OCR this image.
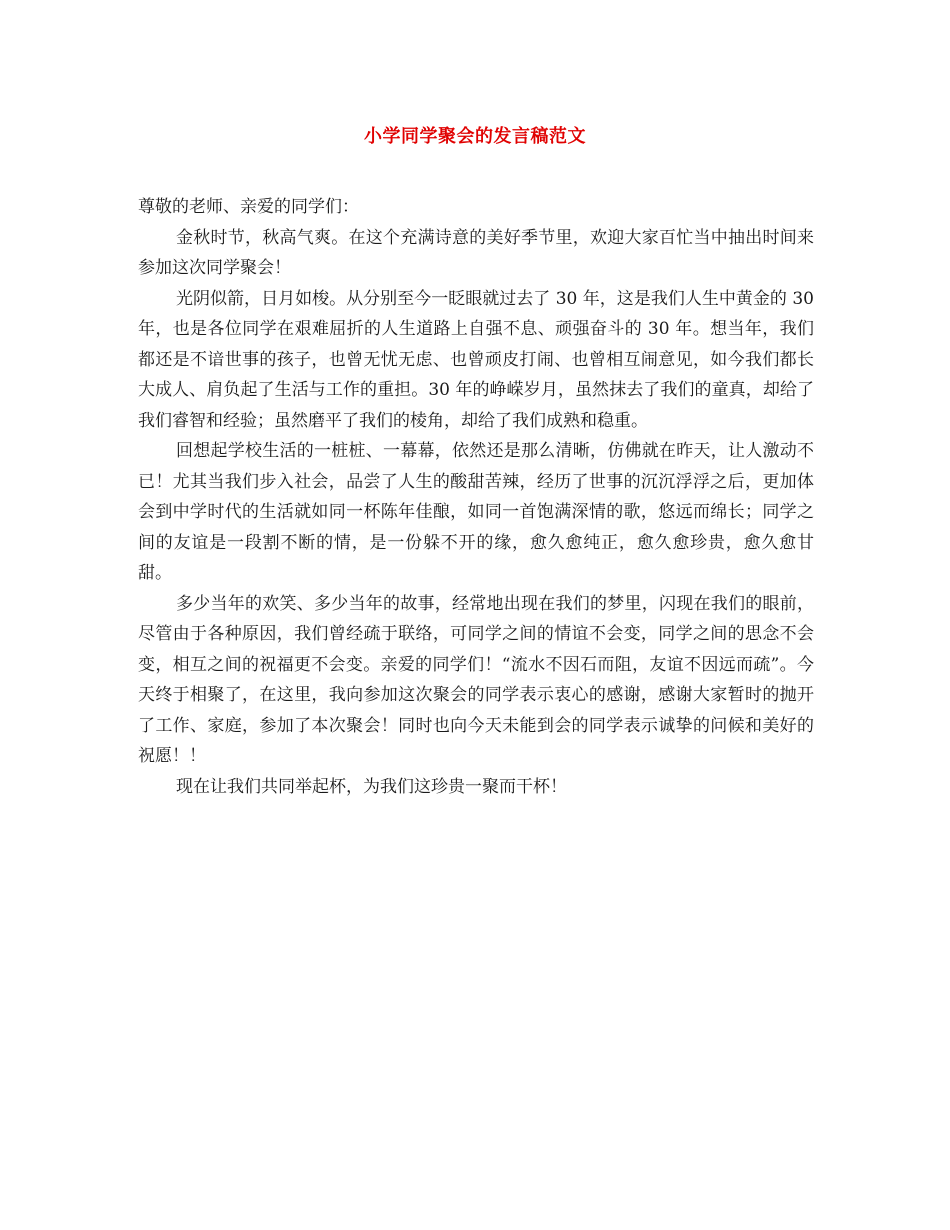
小学同学聚会的发言稿范文

尊敬的老师、亲爱的同学们：

金秋时节，秋高气爽。在这个充满诗意的美好季节里，欢迎大家百忙当中抽出时间来参加这次同学聚会！

光阴似箭，日月如梭。从分别至今一眨眼就过去了 30 年，这是我们人生中黄金的 30 年，也是各位同学在艰难屈折的人生道路上自强不息、顽强奋斗的 30 年。想当年，我们都还是不谙世事的孩子，也曾无忧无虑、也曾顽皮打闹、也曾相互闹意见，如今我们都长大成人、肩负起了生活与工作的重担。30 年的峥嵘岁月，虽然抹去了我们的童真，却给了我们睿智和经验；虽然磨平了我们的棱角，却给了我们成熟和稳重。

回想起学校生活的一桩桩、一幕幕，依然还是那么清晰，仿佛就在昨天，让人激动不已！尤其当我们步入社会，品尝了人生的酸甜苦辣，经历了世事的沉沉浮浮之后，更加体会到中学时代的生活就如同一杯陈年佳酿，如同一首饱满深情的歌，悠远而绵长；同学之间的友谊是一段割不断的情，是一份躲不开的缘，愈久愈纯正，愈久愈珍贵，愈久愈甘甜。

多少当年的欢笑、多少当年的故事，经常地出现在我们的梦里，闪现在我们的眼前，尽管由于各种原因，我们曾经疏于联络，可同学之间的情谊不会变，同学之间的思念不会变，相互之间的祝福更不会变。亲爱的同学们！“流水不因石而阻，友谊不因远而疏”。今天终于相聚了，在这里，我向参加这次聚会的同学表示衷心的感谢，感谢大家暂时的抛开了工作、家庭，参加了本次聚会！同时也向今天未能到会的同学表示诚挚的问候和美好的祝愿！！

现在让我们共同举起杯，为我们这珍贵一聚而干杯！
